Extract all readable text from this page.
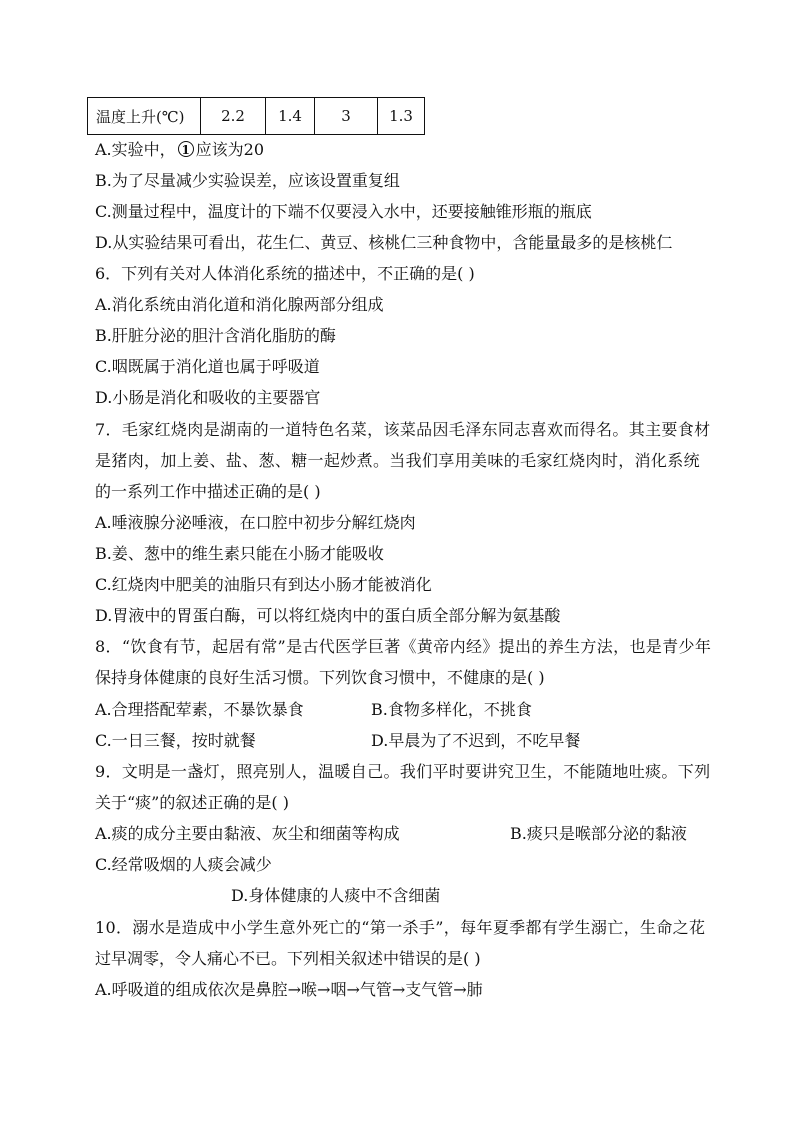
温度上升(℃)	2.2	1.4	3	1.3
A.实验中， 1 应该为20
B.为了尽量减少实验误差，应该设置重复组
C.测量过程中，温度计的下端不仅要浸入水中，还要接触锥形瓶的瓶底
D.从实验结果可看出，花生仁、黄豆、核桃仁三种食物中，含能量最多的是核桃仁
6．下列有关对人体消化系统的描述中，不正确的是( )
A.消化系统由消化道和消化腺两部分组成
B.肝脏分泌的胆汁含消化脂肪的酶
C.咽既属于消化道也属于呼吸道
D.小肠是消化和吸收的主要器官
7．毛家红烧肉是湖南的一道特色名菜，该菜品因毛泽东同志喜欢而得名。其主要食材
是猪肉，加上姜、盐、葱、糖一起炒煮。当我们享用美味的毛家红烧肉时，消化系统
的一系列工作中描述正确的是( )
A.唾液腺分泌唾液，在口腔中初步分解红烧肉
B.姜、葱中的维生素只能在小肠才能吸收
C.红烧肉中肥美的油脂只有到达小肠才能被消化
D.胃液中的胃蛋白酶，可以将红烧肉中的蛋白质全部分解为氨基酸
8．“饮食有节，起居有常”是古代医学巨著《黄帝内经》提出的养生方法，也是青少年
保持身体健康的良好生活习惯。下列饮食习惯中，不健康的是( )
A.合理搭配荤素，不暴饮暴食	B.食物多样化，不挑食
C.一日三餐，按时就餐	D.早晨为了不迟到，不吃早餐
9．文明是一盏灯，照亮别人，温暖自己。我们平时要讲究卫生，不能随地吐痰。下列
关于“痰”的叙述正确的是( )
A.痰的成分主要由黏液、灰尘和细菌等构成	B.痰只是喉部分泌的黏液
C.经常吸烟的人痰会减少
D.身体健康的人痰中不含细菌
10．溺水是造成中小学生意外死亡的“第一杀手”，每年夏季都有学生溺亡，生命之花
过早凋零，令人痛心不已。下列相关叙述中错误的是( )
A.呼吸道的组成依次是鼻腔→喉→咽→气管→支气管→肺
